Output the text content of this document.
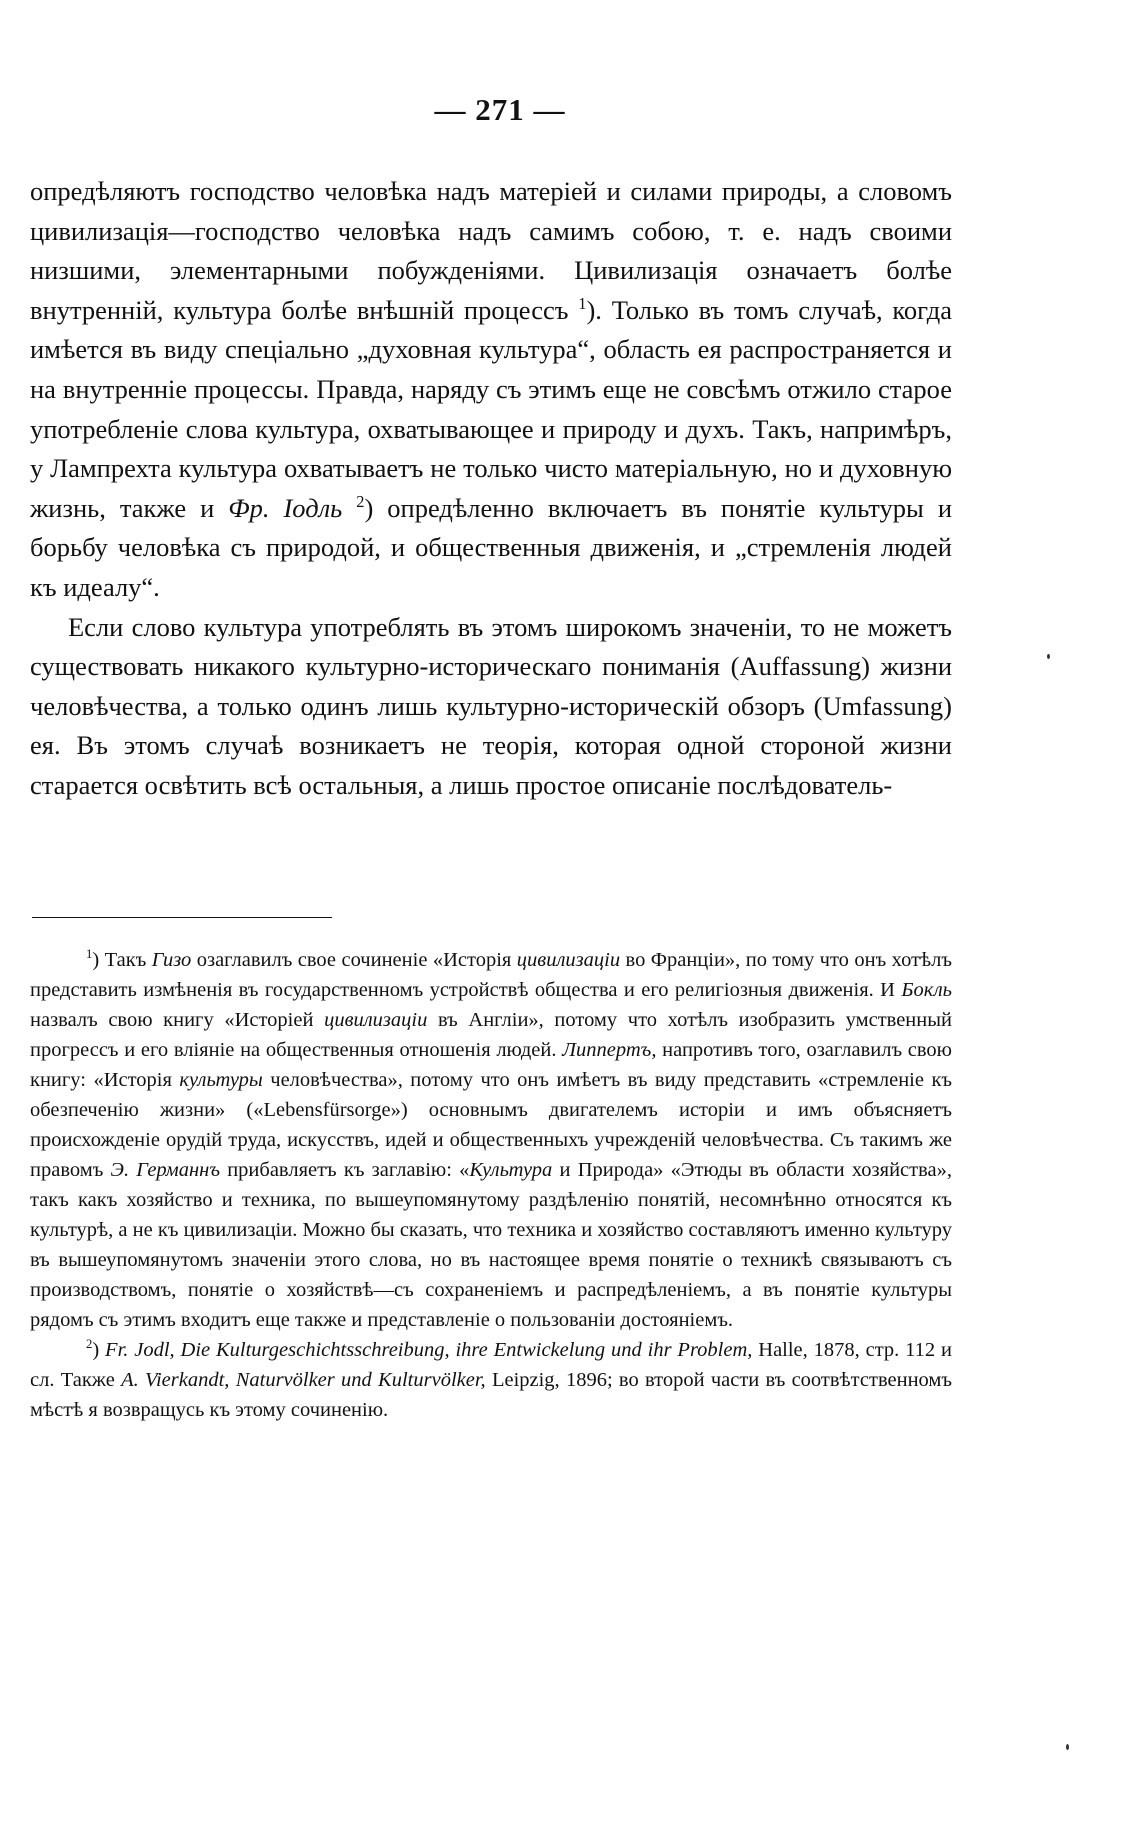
— 271 —

опредѣляютъ господство человѣка надъ матеріей и силами природы, а словомъ цивилизація—господство человѣка надъ самимъ собою, т. е. надъ своими низшими, элементарными побужденіями. Цивилизація означаетъ болѣе внутренній, культура болѣе внѣшній процессъ $^1$). Только въ томъ случаѣ, когда имѣется въ виду спеціально „духовная культура“, область ея распространяется и на внутренніе процессы. Правда, наряду съ этимъ еще не совсѣмъ отжило старое употребленіе слова культура, охватывающее и природу и духъ. Такъ, напримѣръ, у Лампрехта культура охватываетъ не только чисто матеріальную, но и духовную жизнь, также и Фр. Іодль $^2$) опредѣленно включаетъ въ понятіе культуры и борьбу человѣка съ природой, и общественныя движенія, и „стремленія людей къ идеалу“.

Если слово культура употреблять въ этомъ широкомъ значеніи, то не можетъ существовать никакого культурно-историческаго пониманія (Auffassung) жизни человѣчества, а только одинъ лишь культурно-историческій обзоръ (Umfassung) ея. Въ этомъ случаѣ возникаетъ не теорія, которая одной стороной жизни старается освѣтить всѣ остальныя, а лишь простое описаніе послѣдователь-

$^1$) Такъ Гизо озаглавилъ свое сочиненіе «Исторія цивилизаціи во Франціи», по тому что онъ хотѣлъ представить измѣненія въ государственномъ устройствѣ общества и его религіозныя движенія. И Бокль назвалъ свою книгу «Исторіей цивилизаціи въ Англіи», потому что хотѣлъ изобразить умственный прогрессъ и его вліяніе на общественныя отношенія людей. Липпертъ, напротивъ того, озаглавилъ свою книгу: «Исторія культуры человѣчества», потому что онъ имѣетъ въ виду представить «стремленіе къ обезпеченію жизни» («Lebensfürsorge») основнымъ двигателемъ исторіи и имъ объясняетъ происхожденіе орудій труда, искусствъ, идей и общественныхъ учрежденій человѣчества. Съ такимъ же правомъ Э. Германнъ прибавляетъ къ заглавію: «Культура и Природа» «Этюды въ области хозяйства», такъ какъ хозяйство и техника, по вышеупомянутому раздѣленію понятій, несомнѣнно относятся къ культурѣ, а не къ цивилизаціи. Можно бы сказать, что техника и хозяйство составляютъ именно культуру въ вышеупомянутомъ значеніи этого слова, но въ настоящее время понятіе о техникѣ связываютъ съ производствомъ, понятіе о хозяйствѣ—съ сохраненіемъ и распредѣленіемъ, а въ понятіе культуры рядомъ съ этимъ входитъ еще также и представленіе о пользованіи достояніемъ.

$^2$) Fr. Jodl, Die Kulturgeschichtsschreibung, ihre Entwickelung und ihr Problem, Halle, 1878, стр. 112 и сл. Также A. Vierkandt, Naturvölker und Kulturvölker, Leipzig, 1896; во второй части въ соотвѣтственномъ мѣстѣ я возвращусь къ этому сочиненію.
